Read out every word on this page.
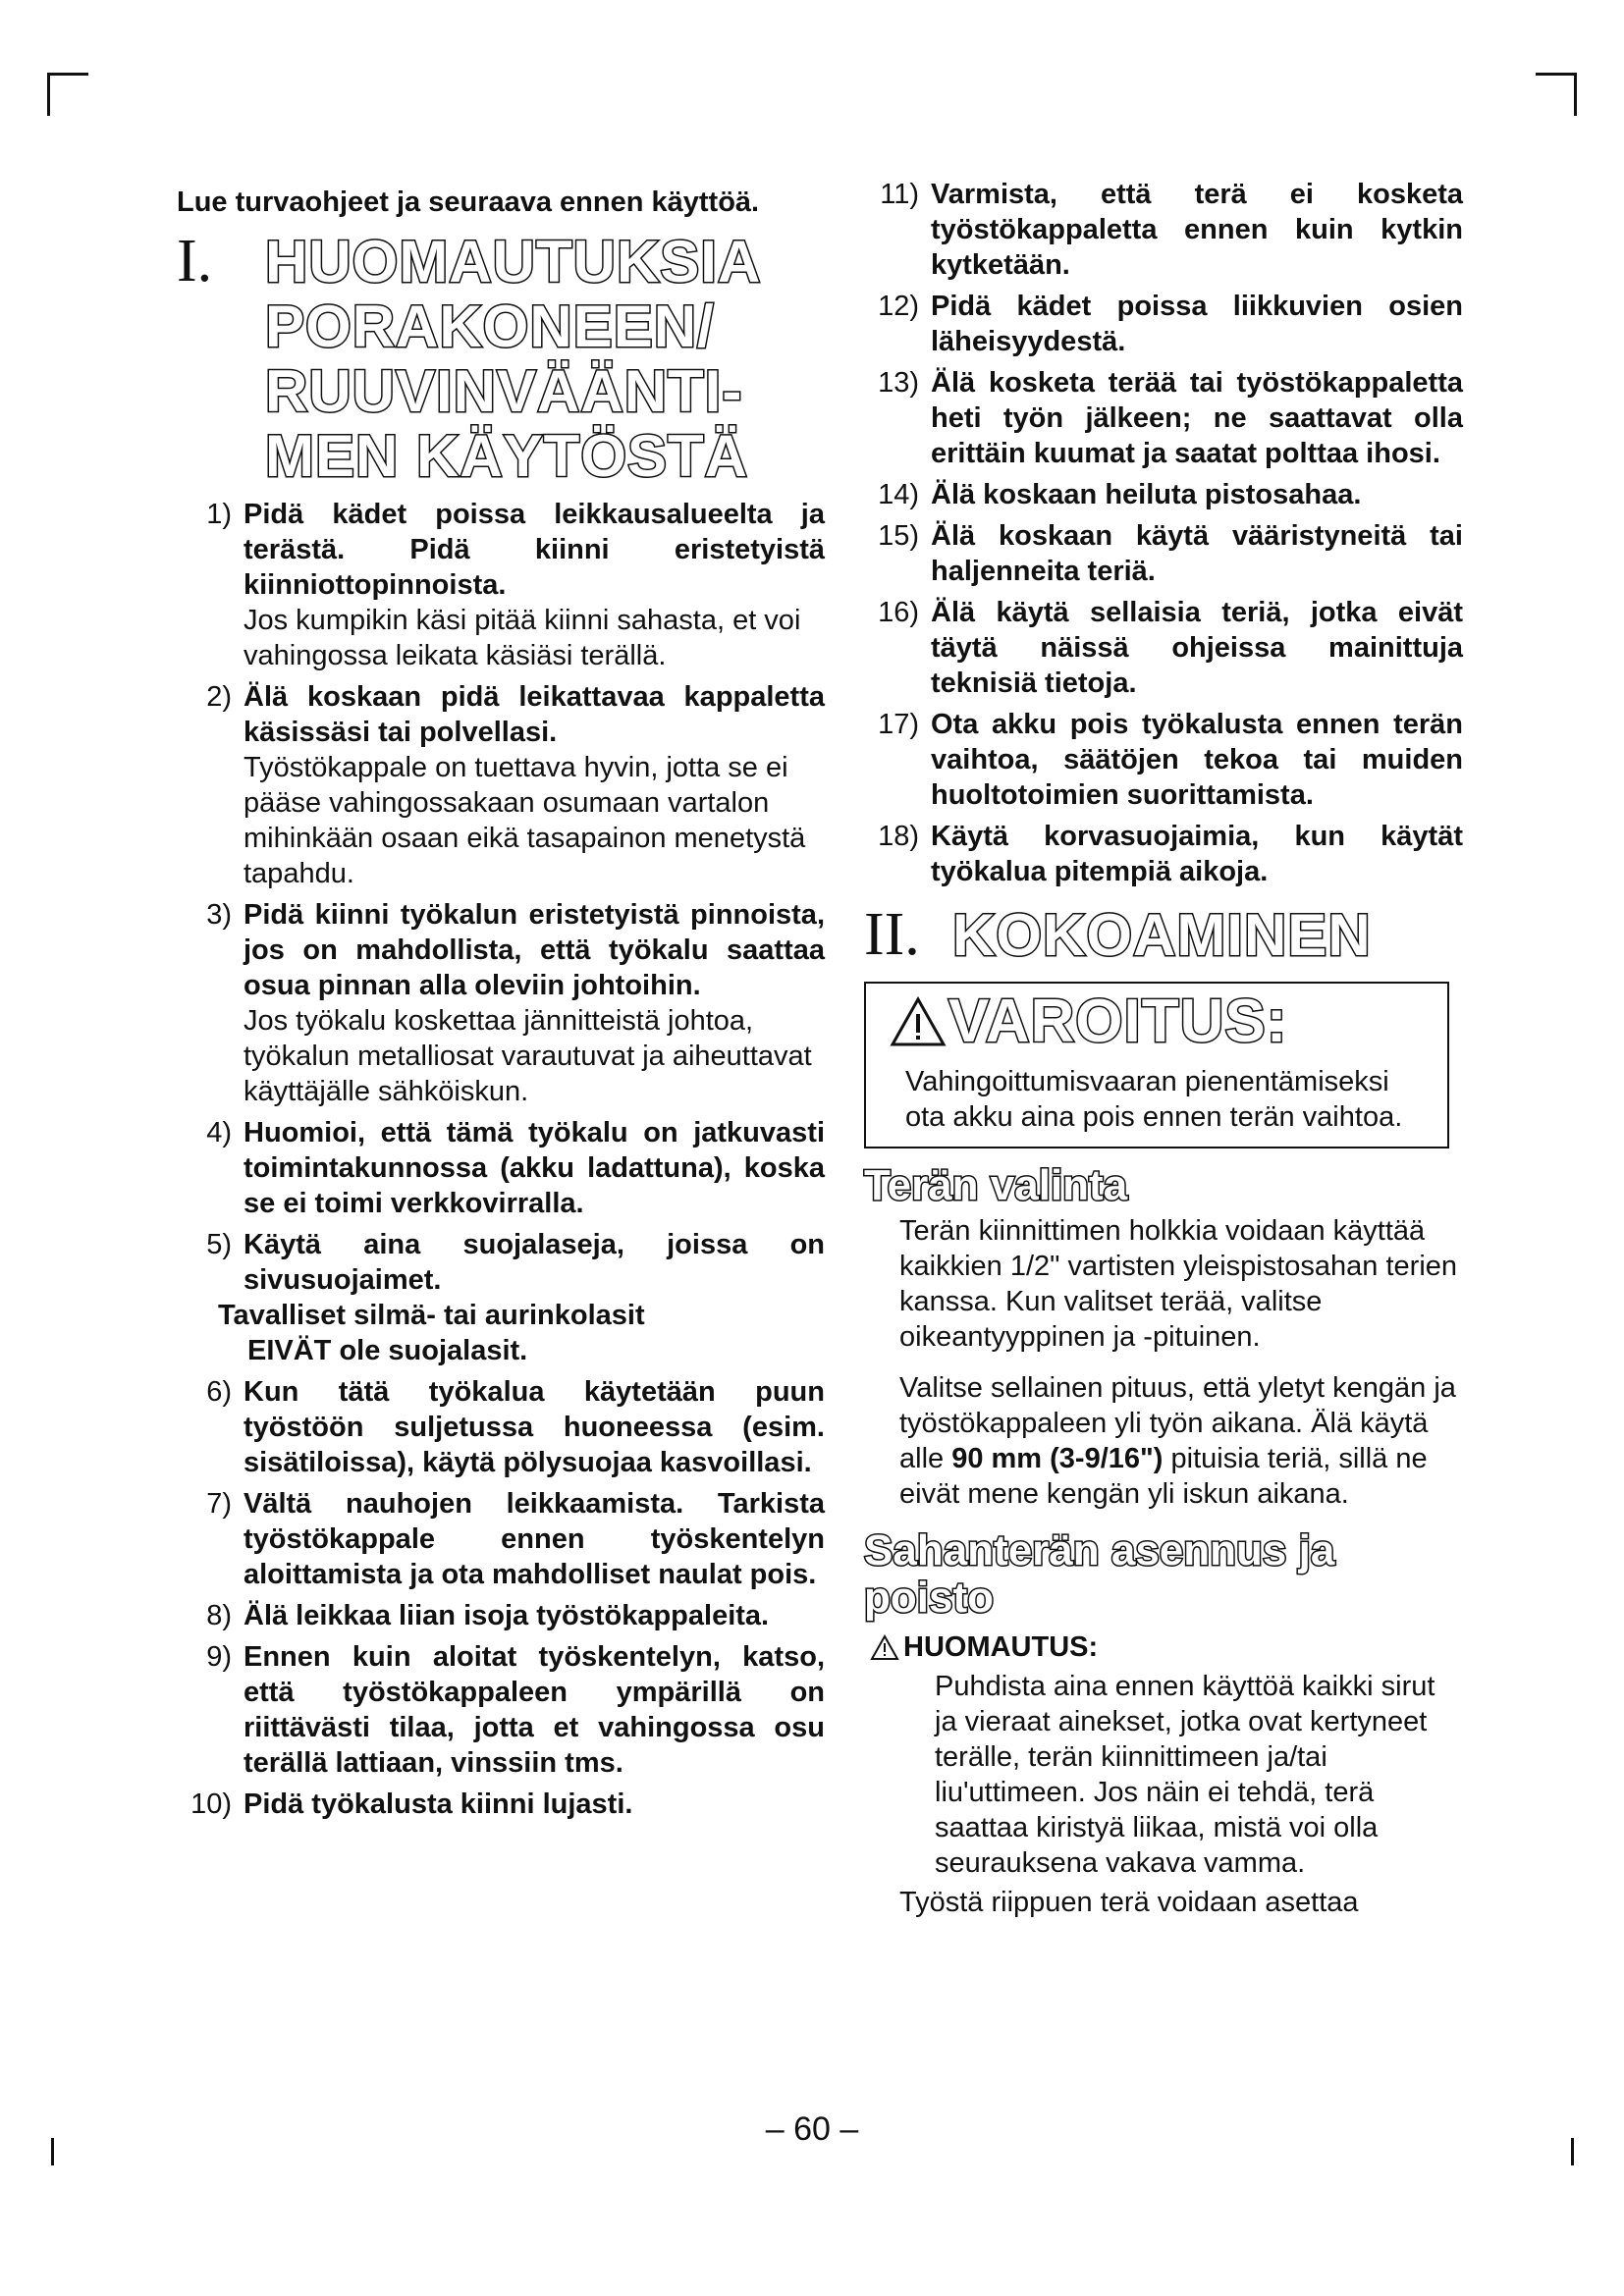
Lue turvaohjeet ja seuraava ennen käyttöä.

I. HUOMAUTUKSIA
PORAKONEEN/
RUUVINVÄÄNTI-
MEN KÄYTÖSTÄ
1) Pidä kädet poissa leikkausalueelta ja terästä. Pidä kiinni eristetyistä kiinniottopinnoista.
Jos kumpikin käsi pitää kiinni sahasta, et voi vahingossa leikata käsiäsi terällä.
2) Älä koskaan pidä leikattavaa kappaletta käsissäsi tai polvellasi.
Työstökappale on tuettava hyvin, jotta se ei pääse vahingossakaan osumaan vartalon mihinkään osaan eikä tasapainon menetystä tapahdu.
3) Pidä kiinni työkalun eristetyistä pinnoista, jos on mahdollista, että työkalu saattaa osua pinnan alla oleviin johtoihin.
Jos työkalu koskettaa jännitteistä johtoa, työkalun metalliosat varautuvat ja aiheuttavat käyttäjälle sähköiskun.
4) Huomioi, että tämä työkalu on jatkuvasti toimintakunnossa (akku ladattuna), koska se ei toimi verkkovirralla.
5) Käytä aina suojalaseja, joissa on sivusuojaimet.
Tavalliset silmä- tai aurinkolasit
EIVÄT ole suojalasit.
6) Kun tätä työkalua käytetään puun työstöön suljetussa huoneessa (esim. sisätiloissa), käytä pölysuojaa kasvoillasi.
7) Vältä nauhojen leikkaamista. Tarkista työstökappale ennen työskentelyn aloittamista ja ota mahdolliset naulat pois.
8) Älä leikkaa liian isoja työstökappaleita.
9) Ennen kuin aloitat työskentelyn, katso, että työstökappaleen ympärillä on riittävästi tilaa, jotta et vahingossa osu terällä lattiaan, vinssiin tms.
10) Pidä työkalusta kiinni lujasti.
11) Varmista, että terä ei kosketa työstökappaletta ennen kuin kytkin kytketään.
12) Pidä kädet poissa liikkuvien osien läheisyydestä.
13) Älä kosketa terää tai työstökappaletta heti työn jälkeen; ne saattavat olla erittäin kuumat ja saatat polttaa ihosi.
14) Älä koskaan heiluta pistosahaa.
15) Älä koskaan käytä vääristyneitä tai haljenneita teriä.
16) Älä käytä sellaisia teriä, jotka eivät täytä näissä ohjeissa mainittuja teknisiä tietoja.
17) Ota akku pois työkalusta ennen terän vaihtoa, säätöjen tekoa tai muiden huoltotoimien suorittamista.
18) Käytä korvasuojaimia, kun käytät työkalua pitempiä aikoja.
II. KOKOAMINEN
VAROITUS:
Vahingoittumisvaaran pienentämiseksi ota akku aina pois ennen terän vaihtoa.
Terän valinta

Terän kiinnittimen holkkia voidaan käyttää kaikkien 1/2" vartisten yleispistosahan terien kanssa. Kun valitset terää, valitse oikeantyyppinen ja -pituinen.

Valitse sellainen pituus, että yletyt kengän ja työstökappaleen yli työn aikana. Älä käytä alle 90 mm (3-9/16") pituisia teriä, sillä ne eivät mene kengän yli iskun aikana.

Sahanterän asennus ja poisto
HUOMAUTUS:

Puhdista aina ennen käyttöä kaikki sirut ja vieraat ainekset, jotka ovat kertyneet terälle, terän kiinnittimeen ja/tai liu'uttimeen. Jos näin ei tehdä, terä saattaa kiristyä liikaa, mistä voi olla seurauksena vakava vamma.

Työstä riippuen terä voidaan asettaa

– 60 –
